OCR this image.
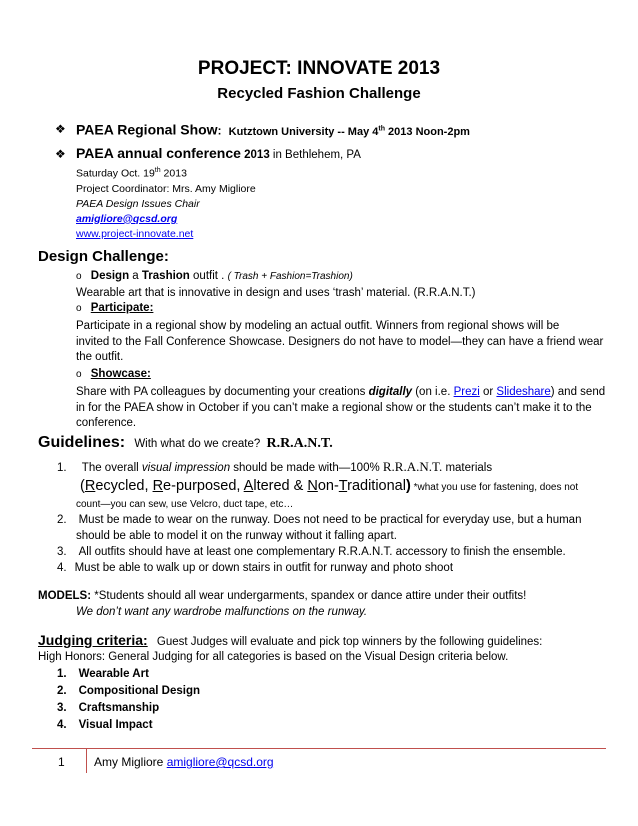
PROJECT: INNOVATE 2013
Recycled Fashion Challenge
❖ PAEA Regional Show: Kutztown University -- May 4th 2013 Noon-2pm
❖ PAEA annual conference 2013 in Bethlehem, PA
Saturday Oct. 19th 2013
Project Coordinator: Mrs. Amy Migliore
PAEA Design Issues Chair
amigliore@qcsd.org
www.project-innovate.net
Design Challenge:
o Design a Trashion outfit . ( Trash + Fashion=Trashion)
Wearable art that is innovative in design and uses ‘trash’ material. (R.R.A.N.T.)
o Participate:
Participate in a regional show by modeling an actual outfit. Winners from regional shows will be
invited to the Fall Conference Showcase. Designers do not have to model—they can have a friend wear
the outfit.
o Showcase:
Share with PA colleagues by documenting your creations digitally (on i.e. Prezi or Slideshare) and send
in for the PAEA show in October if you can’t make a regional show or the students can’t make it to the
conference.
Guidelines: With what do we create? R.R.A.N.T.
1. The overall visual impression should be made with—100% R.R.A.N.T. materials
(Recycled, Re-purposed, Altered & Non-Traditional) *what you use for fastening, does not
count—you can sew, use Velcro, duct tape, etc…
2. Must be made to wear on the runway. Does not need to be practical for everyday use, but a human
should be able to model it on the runway without it falling apart.
3. All outfits should have at least one complementary R.R.A.N.T. accessory to finish the ensemble.
4. Must be able to walk up or down stairs in outfit for runway and photo shoot
MODELS: *Students should all wear undergarments, spandex or dance attire under their outfits!
We don’t want any wardrobe malfunctions on the runway.
Judging criteria: Guest Judges will evaluate and pick top winners by the following guidelines:
High Honors: General Judging for all categories is based on the Visual Design criteria below.
1. Wearable Art
2. Compositional Design
3. Craftsmanship
4. Visual Impact
1 Amy Migliore amigliore@qcsd.org
